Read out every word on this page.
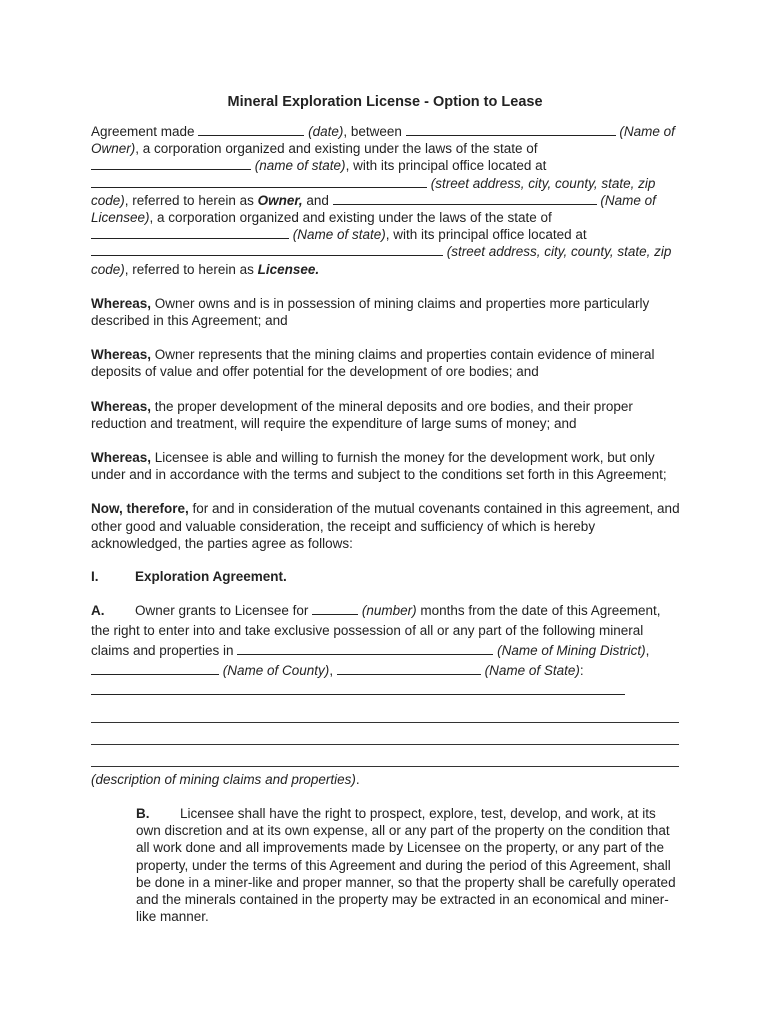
Mineral Exploration License - Option to Lease

Agreement made	(date), between	(Name of Owner), a corporation organized and existing under the laws of the state of  (name of state), with its principal office located at  (street address, city, county, state, zip code), referred to herein as Owner, and	(Name of Licensee), a corporation organized and existing under the laws of the state of  (Name of state), with its principal office located at  (street address, city, county, state, zip code), referred to herein as Licensee.

Whereas, Owner owns and is in possession of mining claims and properties more particularly described in this Agreement; and

Whereas, Owner represents that the mining claims and properties contain evidence of mineral deposits of value and offer potential for the development of ore bodies; and

Whereas, the proper development of the mineral deposits and ore bodies, and their proper reduction and treatment, will require the expenditure of large sums of money; and

Whereas, Licensee is able and willing to furnish the money for the development work, but only under and in accordance with the terms and subject to the conditions set forth in this Agreement;

Now, therefore, for and in consideration of the mutual covenants contained in this agreement, and other good and valuable consideration, the receipt and sufficiency of which is hereby acknowledged, the parties agree as follows:

I.	Exploration Agreement.

A. Owner grants to Licensee for	(number) months from the date of this Agreement, the right to enter into and take exclusive possession of all or any part of the following mineral claims and properties in	(Name of Mining District),  (Name of County),	(Name of State):

(description of mining claims and properties).

B. Licensee shall have the right to prospect, explore, test, develop, and work, at its own discretion and at its own expense, all or any part of the property on the condition that all work done and all improvements made by Licensee on the property, or any part of the property, under the terms of this Agreement and during the period of this Agreement, shall be done in a miner-like and proper manner, so that the property shall be carefully operated and the minerals contained in the property may be extracted in an economical and miner-like manner.
